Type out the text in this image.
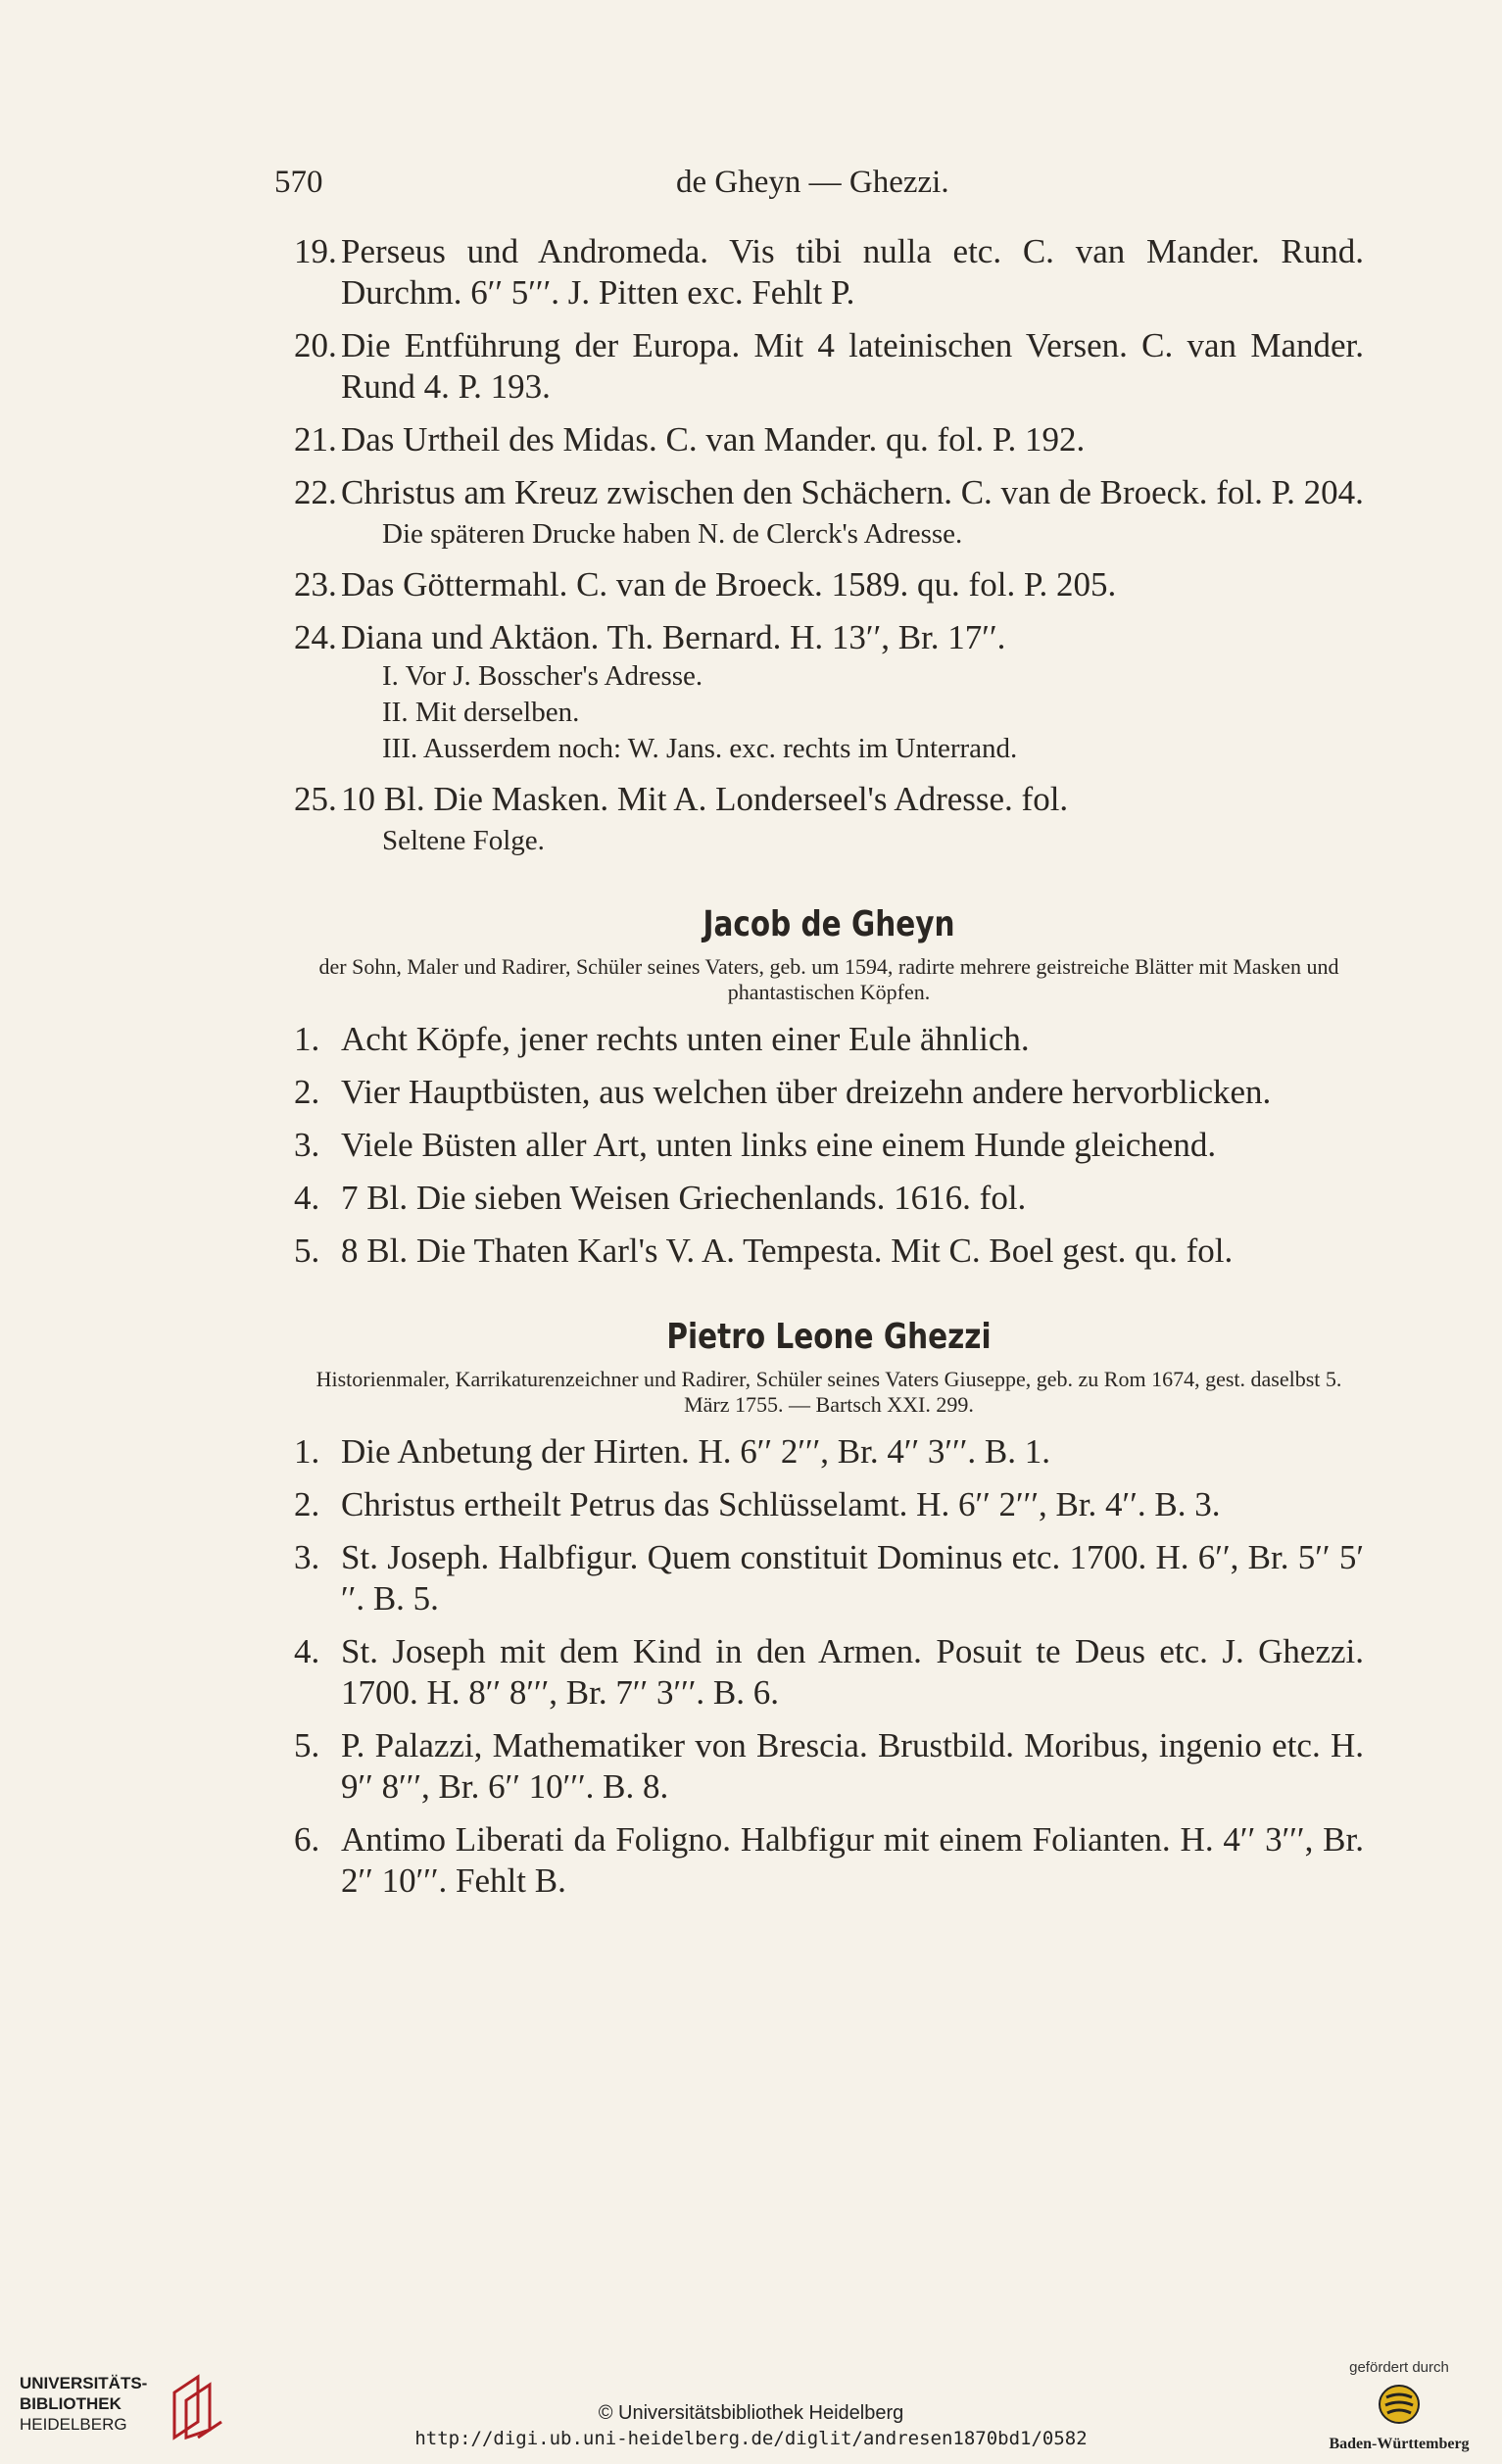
570	de Gheyn — Ghezzi.
19. Perseus und Andromeda. Vis tibi nulla etc. C. van Mander. Rund. Durchm. 6′′ 5′′′. J. Pitten exc. Fehlt P.
20. Die Entführung der Europa. Mit 4 lateinischen Versen. C. van Mander. Rund 4. P. 193.
21. Das Urtheil des Midas. C. van Mander. qu. fol. P. 192.
22. Christus am Kreuz zwischen den Schächern. C. van de Broeck. fol. P. 204.
Die späteren Drucke haben N. de Clerck's Adresse.
23. Das Göttermahl. C. van de Broeck. 1589. qu. fol. P. 205.
24. Diana und Aktäon. Th. Bernard. H. 13′′, Br. 17′′.
I. Vor J. Bosscher's Adresse.
II. Mit derselben.
III. Ausserdem noch: W. Jans. exc. rechts im Unterrand.
25. 10 Bl. Die Masken. Mit A. Londerseel's Adresse. fol.
Seltene Folge.
Jacob de Gheyn
der Sohn, Maler und Radirer, Schüler seines Vaters, geb. um 1594, radirte mehrere geistreiche Blätter mit Masken und phantastischen Köpfen.
1. Acht Köpfe, jener rechts unten einer Eule ähnlich.
2. Vier Hauptbüsten, aus welchen über dreizehn andere hervorblicken.
3. Viele Büsten aller Art, unten links eine einem Hunde gleichend.
4. 7 Bl. Die sieben Weisen Griechenlands. 1616. fol.
5. 8 Bl. Die Thaten Karl's V. A. Tempesta. Mit C. Boel gest. qu. fol.
Pietro Leone Ghezzi
Historienmaler, Karrikaturenzeichner und Radirer, Schüler seines Vaters Giuseppe, geb. zu Rom 1674, gest. daselbst 5. März 1755. — Bartsch XXI. 299.
1. Die Anbetung der Hirten. H. 6′′ 2′′′, Br. 4′′ 3′′′. B. 1.
2. Christus ertheilt Petrus das Schlüsselamt. H. 6′′ 2′′′, Br. 4′′. B. 3.
3. St. Joseph. Halbfigur. Quem constituit Dominus etc. 1700. H. 6′′, Br. 5′′ 5′′′. B. 5.
4. St. Joseph mit dem Kind in den Armen. Posuit te Deus etc. J. Ghezzi. 1700. H. 8′′ 8′′′, Br. 7′′ 3′′′. B. 6.
5. P. Palazzi, Mathematiker von Brescia. Brustbild. Moribus, ingenio etc. H. 9′′ 8′′′, Br. 6′′ 10′′′. B. 8.
6. Antimo Liberati da Foligno. Halbfigur mit einem Folianten. H. 4′′ 3′′′, Br. 2′′ 10′′′. Fehlt B.
UNIVERSITÄTS-
BIBLIOTHEK
HEIDELBERG
© Universitätsbibliothek Heidelberg
http://digi.ub.uni-heidelberg.de/diglit/andresen1870bd1/0582
gefördert durch
Baden-Württemberg
